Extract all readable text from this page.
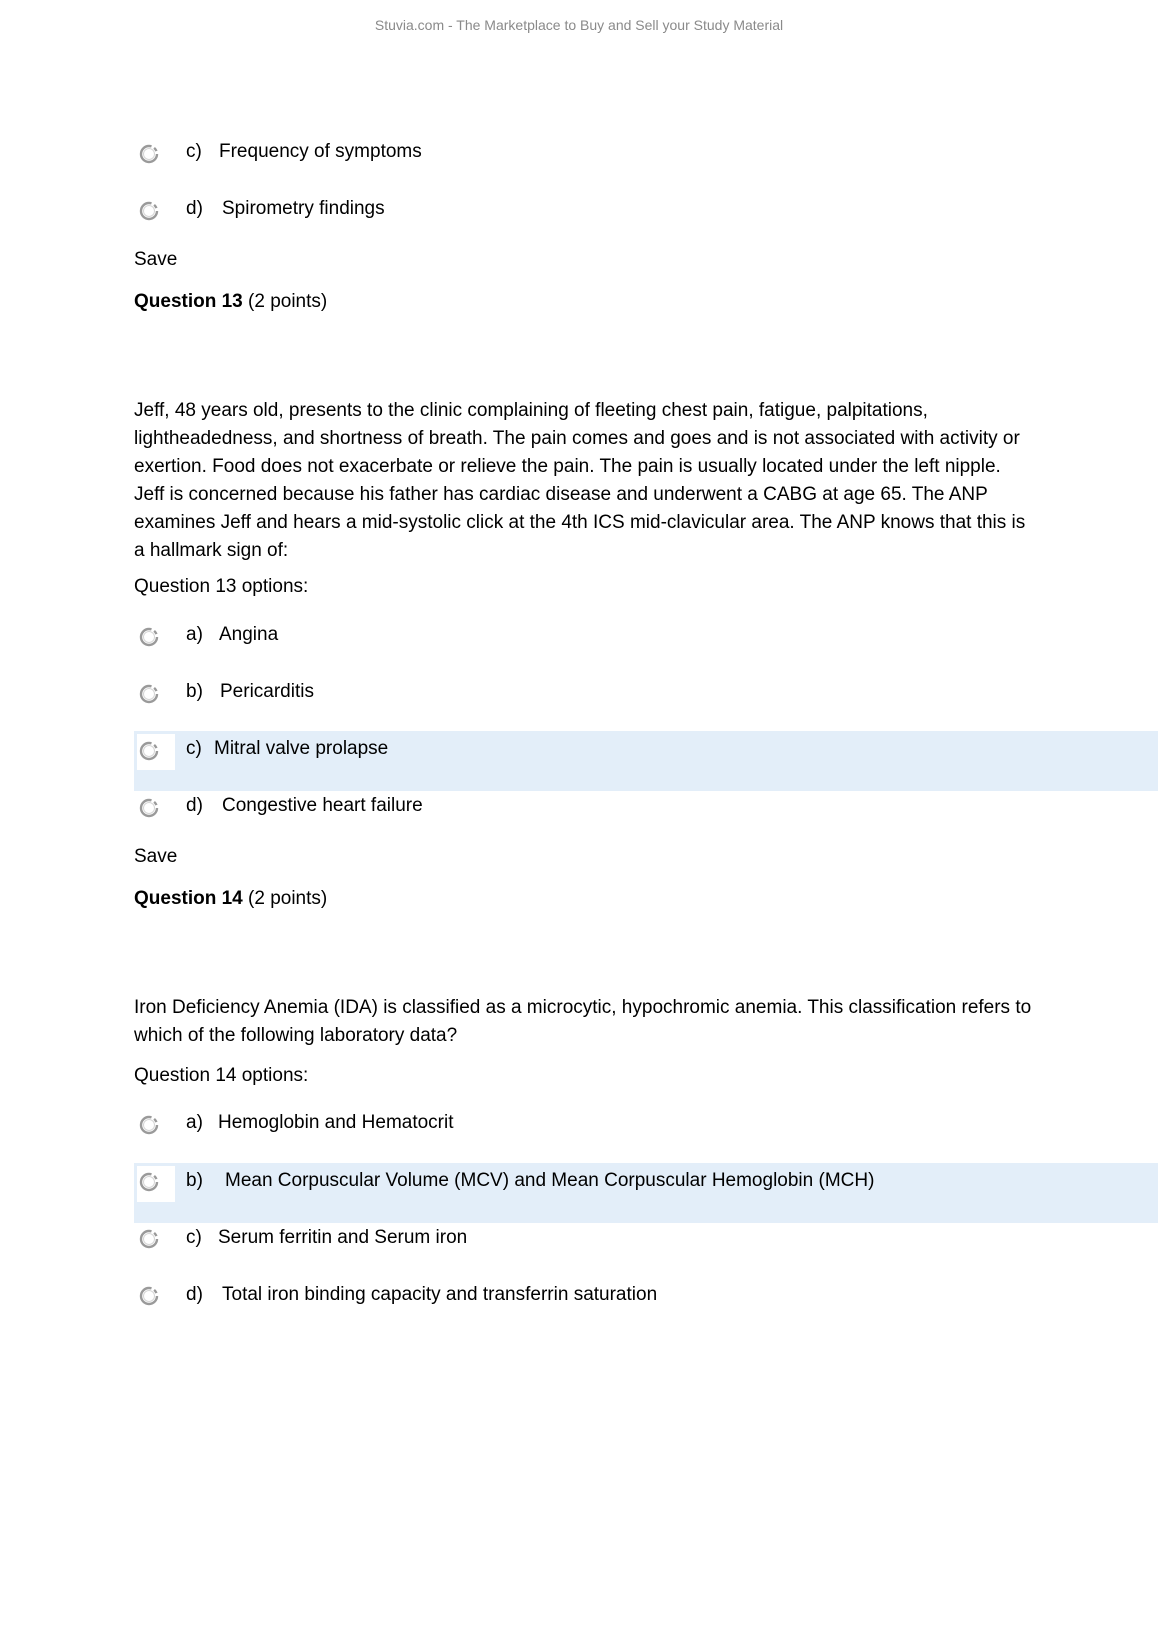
Stuvia.com - The Marketplace to Buy and Sell your Study Material
c) Frequency of symptoms
d) Spirometry findings
Save
Question 13 (2 points)
Jeff, 48 years old, presents to the clinic complaining of fleeting chest pain, fatigue, palpitations, lightheadedness, and shortness of breath. The pain comes and goes and is not associated with activity or exertion. Food does not exacerbate or relieve the pain. The pain is usually located under the left nipple. Jeff is concerned because his father has cardiac disease and underwent a CABG at age 65. The ANP examines Jeff and hears a mid-systolic click at the 4th ICS mid-clavicular area. The ANP knows that this is a hallmark sign of:
Question 13 options:
a) Angina
b) Pericarditis
c) Mitral valve prolapse
d) Congestive heart failure
Save
Question 14 (2 points)
Iron Deficiency Anemia (IDA) is classified as a microcytic, hypochromic anemia. This classification refers to which of the following laboratory data?
Question 14 options:
a) Hemoglobin and Hematocrit
b) Mean Corpuscular Volume (MCV) and Mean Corpuscular Hemoglobin (MCH)
c) Serum ferritin and Serum iron
d) Total iron binding capacity and transferrin saturation
